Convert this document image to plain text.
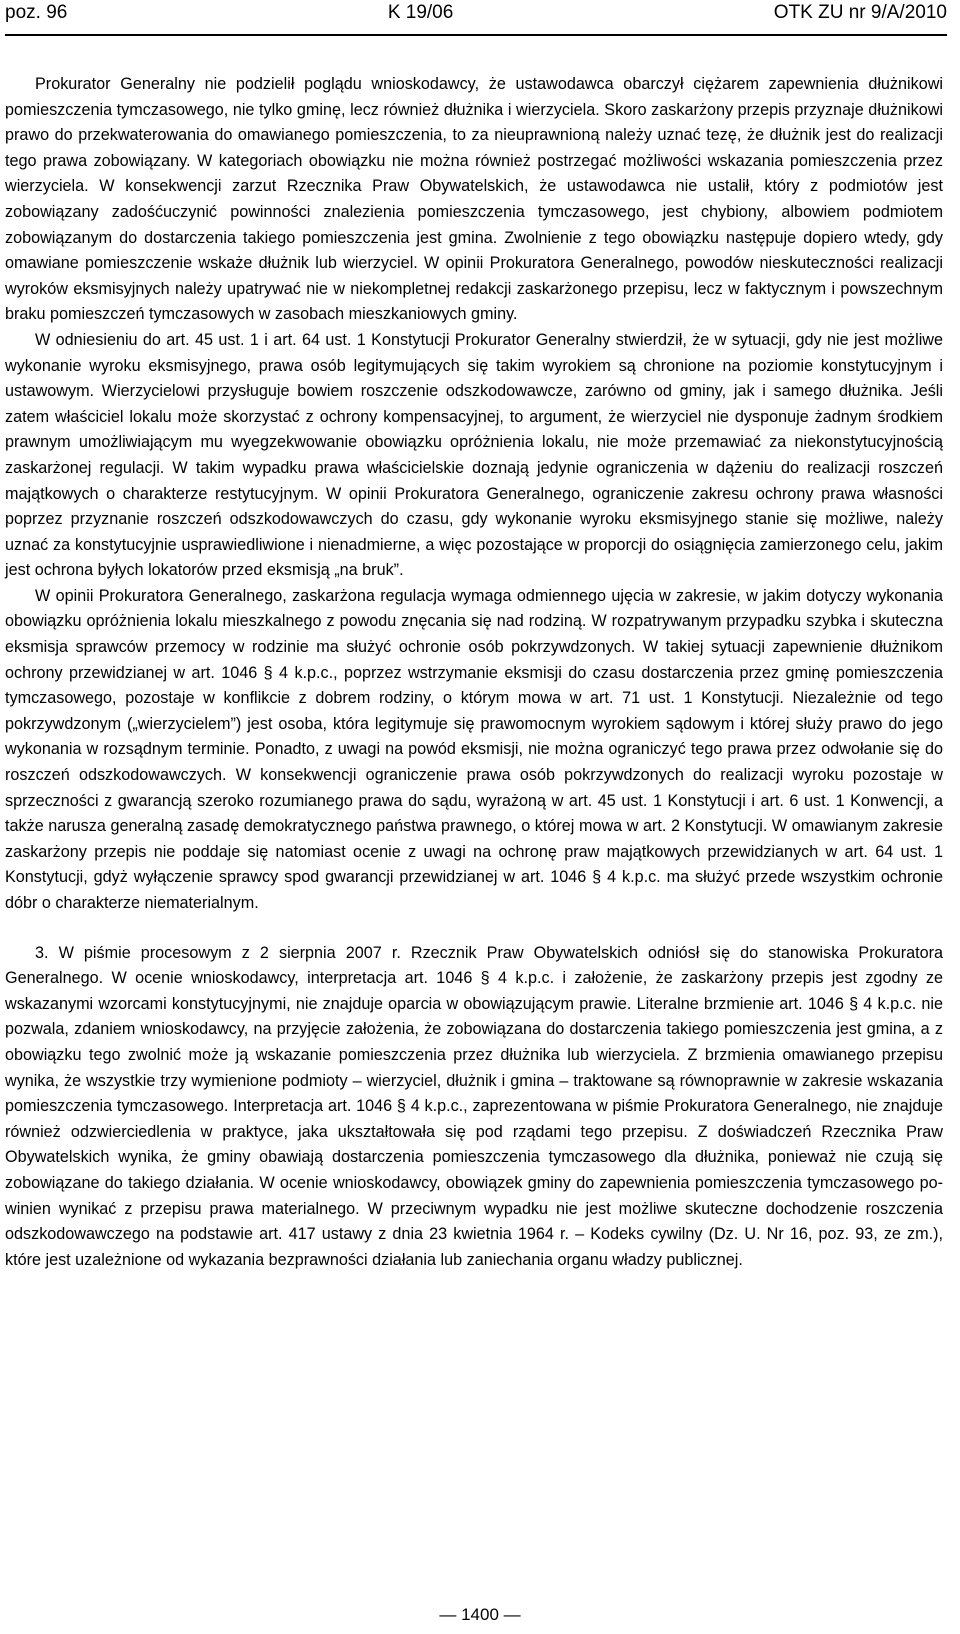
poz. 96	K 19/06	OTK ZU nr 9/A/2010

Prokurator Generalny nie podzielił poglądu wnioskodawcy, że ustawodawca obarczył ciężarem zapewnienia dłużnikowi pomieszczenia tymczasowego, nie tylko gminę, lecz również dłużnika i wierzyciela. Skoro zaskarżony przepis przyznaje dłużnikowi prawo do przekwaterowania do omawianego pomieszczenia, to za nieuprawnioną należy uznać tezę, że dłużnik jest do realizacji tego prawa zobowiązany. W kategoriach obowiązku nie można również postrzegać możliwości wskazania pomieszczenia przez wierzyciela. W konsekwencji zarzut Rzecznika Praw Obywatelskich, że ustawodawca nie ustalił, który z podmiotów jest zobowiązany zadośćuczynić powinności znalezienia pomieszczenia tymczasowego, jest chybiony, albowiem podmiotem zobowiązanym do dostarczenia takiego pomieszczenia jest gmina. Zwolnienie z tego obowiązku następuje dopiero wtedy, gdy omawiane pomieszczenie wskaże dłużnik lub wierzyciel. W opinii Prokuratora Generalnego, powodów nieskuteczności realizacji wyroków eksmisyjnych należy upatrywać nie w niekompletnej redakcji zaskarżonego przepisu, lecz w faktycznym i powszechnym braku pomieszczeń tymczasowych w zasobach mieszkaniowych gminy.

W odniesieniu do art. 45 ust. 1 i art. 64 ust. 1 Konstytucji Prokurator Generalny stwierdził, że w sytuacji, gdy nie jest możliwe wykonanie wyroku eksmisyjnego, prawa osób legitymujących się takim wyrokiem są chronione na poziomie konstytucyjnym i ustawowym. Wierzycielowi przysługuje bowiem roszczenie odszkodowawcze, zarówno od gminy, jak i samego dłużnika. Jeśli zatem właściciel lokalu może skorzystać z ochrony kompensacyjnej, to argument, że wierzyciel nie dysponuje żadnym środkiem prawnym umożliwiającym mu wyegzekwowanie obowiązku opróżnienia lokalu, nie może przemawiać za niekonstytucyjnością zaskarżonej regulacji. W takim wypadku prawa właścicielskie doznają jedynie ograniczenia w dążeniu do realizacji roszczeń majątkowych o charakterze restytucyjnym. W opinii Prokuratora Generalnego, ograniczenie zakresu ochrony prawa własności poprzez przyznanie roszczeń odszkodowawczych do czasu, gdy wykonanie wyroku eksmisyjnego stanie się możliwe, należy uznać za konstytucyjnie usprawiedliwione i nienadmierne, a więc pozostające w proporcji do osiągnięcia zamierzonego celu, jakim jest ochrona byłych lokatorów przed eksmisją „na bruk”.

W opinii Prokuratora Generalnego, zaskarżona regulacja wymaga odmiennego ujęcia w zakresie, w jakim dotyczy wykonania obowiązku opróżnienia lokalu mieszkalnego z powodu znęcania się nad rodziną. W rozpatrywanym przypadku szybka i skuteczna eksmisja sprawców przemocy w rodzinie ma służyć ochronie osób pokrzywdzonych. W takiej sytuacji zapewnienie dłużnikom ochrony przewidzianej w art. 1046 § 4 k.p.c., poprzez wstrzymanie eksmisji do czasu dostarczenia przez gminę pomieszczenia tymczasowego, pozostaje w konflikcie z dobrem rodziny, o którym mowa w art. 71 ust. 1 Konstytucji. Niezależnie od tego pokrzywdzonym („wierzycielem”) jest osoba, która legitymuje się prawomocnym wyrokiem sądowym i której służy prawo do jego wykonania w rozsądnym terminie. Ponadto, z uwagi na powód eksmisji, nie można ograniczyć tego prawa przez odwołanie się do roszczeń odszkodowawczych. W konsekwencji ograniczenie prawa osób pokrzywdzonych do realizacji wyroku pozostaje w sprzeczności z gwarancją szeroko rozumianego prawa do sądu, wyrażoną w art. 45 ust. 1 Konstytucji i art. 6 ust. 1 Konwencji, a także narusza generalną zasadę demokratycznego państwa prawnego, o której mowa w art. 2 Konstytucji. W omawianym zakresie zaskarżony przepis nie poddaje się natomiast ocenie z uwagi na ochronę praw majątkowych przewidzianych w art. 64 ust. 1 Konstytucji, gdyż wyłączenie sprawcy spod gwarancji przewidzianej w art. 1046 § 4 k.p.c. ma służyć przede wszystkim ochronie dóbr o charakterze niematerialnym.

3. W piśmie procesowym z 2 sierpnia 2007 r. Rzecznik Praw Obywatelskich odniósł się do stanowiska Prokuratora Generalnego. W ocenie wnioskodawcy, interpretacja art. 1046 § 4 k.p.c. i założenie, że zaskarżony przepis jest zgodny ze wskazanymi wzorcami konstytucyjnymi, nie znajduje oparcia w obowiązującym prawie. Literalne brzmienie art. 1046 § 4 k.p.c. nie pozwala, zdaniem wnioskodawcy, na przyjęcie założenia, że zobowiązana do dostarczenia takiego pomieszczenia jest gmina, a z obowiązku tego zwolnić może ją wskazanie pomieszczenia przez dłużnika lub wierzyciela. Z brzmienia omawianego przepisu wynika, że wszystkie trzy wymienione podmioty – wierzyciel, dłużnik i gmina – traktowane są równoprawnie w zakresie wskazania pomieszczenia tymczasowego. Interpretacja art. 1046 § 4 k.p.c., zaprezentowana w piśmie Prokuratora Generalnego, nie znajduje również odzwierciedlenia w praktyce, jaka ukształtowała się pod rządami tego przepisu. Z doświadczeń Rzecznika Praw Obywatelskich wynika, że gminy obawiają dostarczenia pomieszczenia tymczasowego dla dłużnika, ponieważ nie czują się zobowiązane do takiego działania. W ocenie wnioskodawcy, obowiązek gminy do zapewnienia pomieszczenia tymczasowego powinien wynikać z przepisu prawa materialnego. W przeciwnym wypadku nie jest możliwe skuteczne dochodzenie roszczenia odszkodowawczego na podstawie art. 417 ustawy z dnia 23 kwietnia 1964 r. – Kodeks cywilny (Dz. U. Nr 16, poz. 93, ze zm.), które jest uzależnione od wykazania bezprawności działania lub zaniechania organu władzy publicznej.

— 1400 —
